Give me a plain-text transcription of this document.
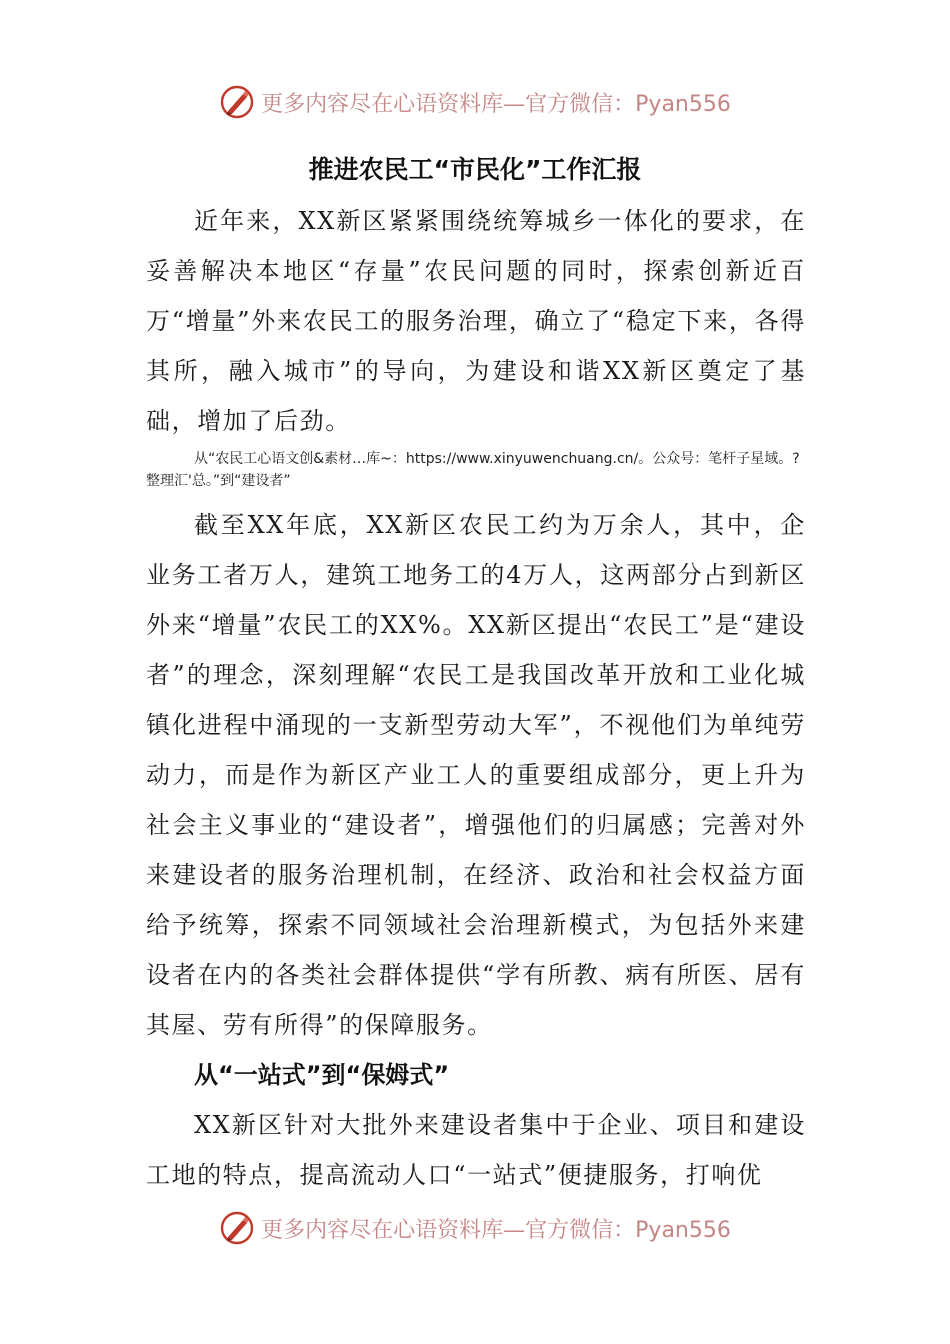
更多内容尽在心语资料库—官方微信：Pyan556
推进农民工“市民化”工作汇报

近年来，XX新区紧紧围绕统筹城乡一体化的要求，在妥善解决本地区“存量”农民问题的同时，探索创新近百万“增量”外来农民工的服务治理，确立了“稳定下来，各得其所，融入城市”的导向，为建设和谐XX新区奠定了基础，增加了后劲。

从“农民工心语文创&素材…库~：https://www.xinyuwenchuang.cn/。公众号：笔杆子星域。?整理汇'总。”到“建设者”

截至XX年底，XX新区农民工约为万余人，其中，企业务工者万人，建筑工地务工的4万人，这两部分占到新区外来“增量”农民工的XX%。XX新区提出“农民工”是“建设者”的理念，深刻理解“农民工是我国改革开放和工业化城镇化进程中涌现的一支新型劳动大军”，不视他们为单纯劳动力，而是作为新区产业工人的重要组成部分，更上升为社会主义事业的“建设者”，增强他们的归属感；完善对外来建设者的服务治理机制，在经济、政治和社会权益方面给予统筹，探索不同领域社会治理新模式，为包括外来建设者在内的各类社会群体提供“学有所教、病有所医、居有其屋、劳有所得”的保障服务。

从“一站式”到“保姆式”

XX新区针对大批外来建设者集中于企业、项目和建设工地的特点，提高流动人口“一站式”便捷服务，打响优

更多内容尽在心语资料库—官方微信：Pyan556
